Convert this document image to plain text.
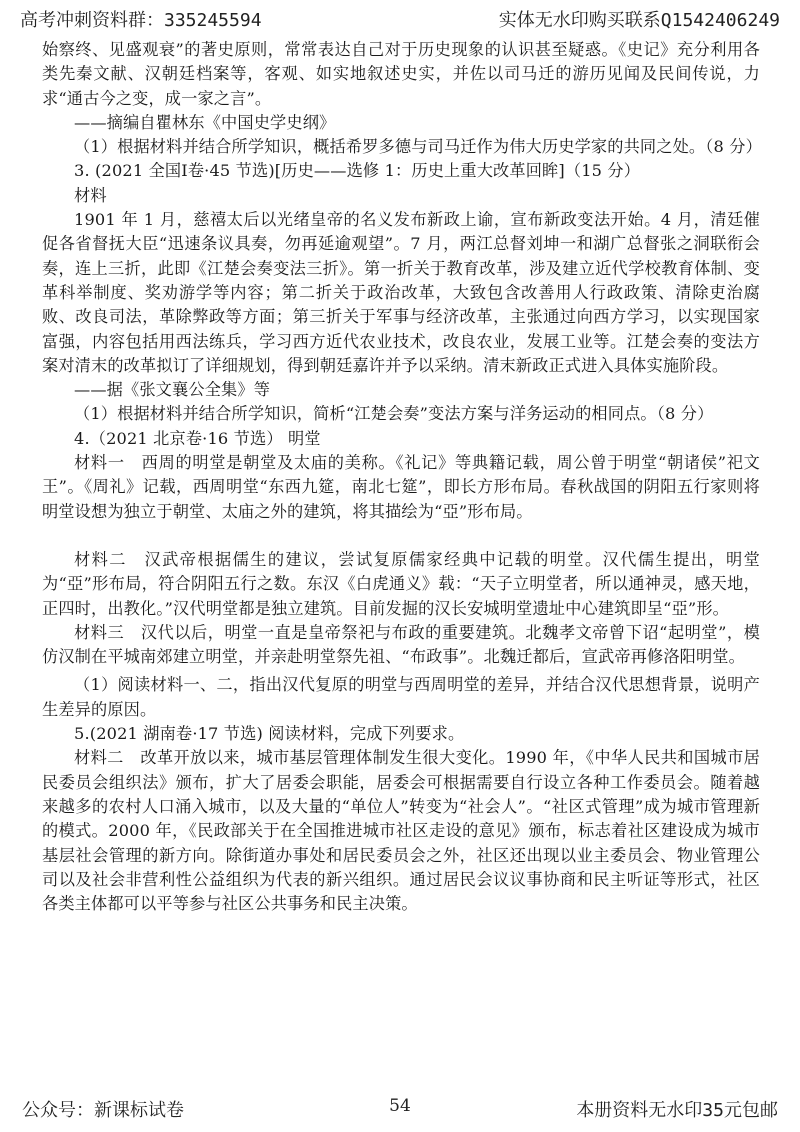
高考冲刺资料群：335245594	实体无水印购买联系Q1542406249

始察终、见盛观衰”的著史原则，常常表达自己对于历史现象的认识甚至疑惑。《史记》充分利用各类先秦文献、汉朝廷档案等，客观、如实地叙述史实，并佐以司马迁的游历见闻及民间传说，力求“通古今之变，成一家之言”。

——摘编自瞿林东《中国史学史纲》

（1）根据材料并结合所学知识，概括希罗多德与司马迁作为伟大历史学家的共同之处。（8 分）

3. (2021 全国Ⅰ卷·45 节选)[历史——选修 1：历史上重大改革回眸]（15 分）

材料

1901 年 1 月，慈禧太后以光绪皇帝的名义发布新政上谕，宣布新政变法开始。4 月，清廷催促各省督抚大臣“迅速条议具奏，勿再延逾观望”。7 月，两江总督刘坤一和湖广总督张之洞联衔会奏，连上三折，此即《江楚会奏变法三折》。第一折关于教育改革，涉及建立近代学校教育体制、变革科举制度、奖劝游学等内容；第二折关于政治改革，大致包含改善用人行政政策、清除吏治腐败、改良司法，革除弊政等方面；第三折关于军事与经济改革，主张通过向西方学习，以实现国家富强，内容包括用西法练兵，学习西方近代农业技术，改良农业，发展工业等。江楚会奏的变法方案对清末的改革拟订了详细规划，得到朝廷嘉许并予以采纳。清末新政正式进入具体实施阶段。

——据《张文襄公全集》等

（1）根据材料并结合所学知识，简析“江楚会奏”变法方案与洋务运动的相同点。（8 分）

4.（2021 北京卷·16 节选） 明堂

材料一　西周的明堂是朝堂及太庙的美称。《礼记》等典籍记载，周公曾于明堂“朝诸侯”祀文王”。《周礼》记载，西周明堂“东西九筵，南北七筵”，即长方形布局。春秋战国的阴阳五行家则将明堂设想为独立于朝堂、太庙之外的建筑，将其描绘为“亞”形布局。

材料二　汉武帝根据儒生的建议，尝试复原儒家经典中记载的明堂。汉代儒生提出，明堂为“亞”形布局，符合阴阳五行之数。东汉《白虎通义》载：“天子立明堂者，所以通神灵，感天地，正四时，出教化。”汉代明堂都是独立建筑。目前发掘的汉长安城明堂遗址中心建筑即呈“亞”形。

材料三　汉代以后，明堂一直是皇帝祭祀与布政的重要建筑。北魏孝文帝曾下诏“起明堂”，模仿汉制在平城南郊建立明堂，并亲赴明堂祭先祖、“布政事”。北魏迁都后，宣武帝再修洛阳明堂。

（1）阅读材料一、二，指出汉代复原的明堂与西周明堂的差异，并结合汉代思想背景，说明产生差异的原因。

5.(2021 湖南卷·17 节选) 阅读材料，完成下列要求。

材料二　改革开放以来，城市基层管理体制发生很大变化。1990 年，《中华人民共和国城市居民委员会组织法》颁布，扩大了居委会职能，居委会可根据需要自行设立各种工作委员会。随着越来越多的农村人口涌入城市，以及大量的“单位人”转变为“社会人”。“社区式管理”成为城市管理新的模式。2000 年，《民政部关于在全国推进城市社区走设的意见》颁布，标志着社区建设成为城市基层社会管理的新方向。除街道办事处和居民委员会之外，社区还出现以业主委员会、物业管理公司以及社会非营利性公益组织为代表的新兴组织。通过居民会议议事协商和民主听证等形式，社区各类主体都可以平等参与社区公共事务和民主决策。

公众号：新课标试卷	54	本册资料无水印35元包邮
